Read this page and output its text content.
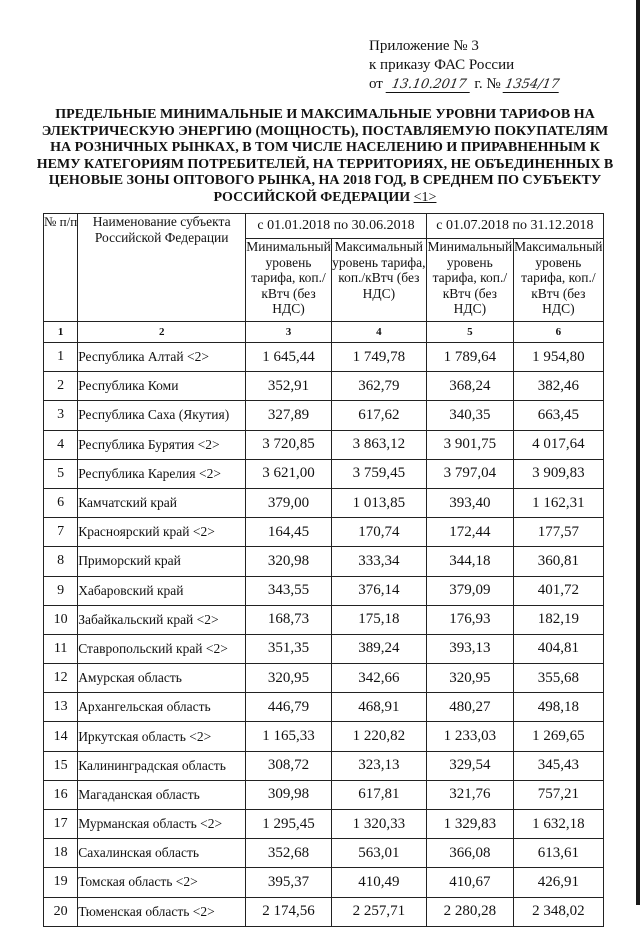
Приложение № 3
к приказу ФАС России
от 13.10.2017 г. № 1354/17
ПРЕДЕЛЬНЫЕ МИНИМАЛЬНЫЕ И МАКСИМАЛЬНЫЕ УРОВНИ ТАРИФОВ НА ЭЛЕКТРИЧЕСКУЮ ЭНЕРГИЮ (МОЩНОСТЬ), ПОСТАВЛЯЕМУЮ ПОКУПАТЕЛЯМ НА РОЗНИЧНЫХ РЫНКАХ, В ТОМ ЧИСЛЕ НАСЕЛЕНИЮ И ПРИРАВНЕННЫМ К НЕМУ КАТЕГОРИЯМ ПОТРЕБИТЕЛЕЙ, НА ТЕРРИТОРИЯХ, НЕ ОБЪЕДИНЕННЫХ В ЦЕНОВЫЕ ЗОНЫ ОПТОВОГО РЫНКА, НА 2018 ГОД, В СРЕДНЕМ ПО СУБЪЕКТУ РОССИЙСКОЙ ФЕДЕРАЦИИ <1>
№ п/п	Наименование субъекта Российской Федерации	с 01.01.2018 по 30.06.2018		с 01.07.2018 по 31.12.2018	
		Минимальный уровень тарифа, коп./кВтч (без НДС)	Максимальный уровень тарифа, коп./кВтч (без НДС)	Минимальный уровень тарифа, коп./кВтч (без НДС)	Максимальный уровень тарифа, коп./кВтч (без НДС)
1	2	3	4	5	6
1	Республика Алтай <2>	1 645,44	1 749,78	1 789,64	1 954,80
2	Республика Коми	352,91	362,79	368,24	382,46
3	Республика Саха (Якутия)	327,89	617,62	340,35	663,45
4	Республика Бурятия <2>	3 720,85	3 863,12	3 901,75	4 017,64
5	Республика Карелия <2>	3 621,00	3 759,45	3 797,04	3 909,83
6	Камчатский край	379,00	1 013,85	393,40	1 162,31
7	Красноярский край <2>	164,45	170,74	172,44	177,57
8	Приморский край	320,98	333,34	344,18	360,81
9	Хабаровский край	343,55	376,14	379,09	401,72
10	Забайкальский край <2>	168,73	175,18	176,93	182,19
11	Ставропольский край <2>	351,35	389,24	393,13	404,81
12	Амурская область	320,95	342,66	320,95	355,68
13	Архангельская область	446,79	468,91	480,27	498,18
14	Иркутская область <2>	1 165,33	1 220,82	1 233,03	1 269,65
15	Калининградская область	308,72	323,13	329,54	345,43
16	Магаданская область	309,98	617,81	321,76	757,21
17	Мурманская область <2>	1 295,45	1 320,33	1 329,83	1 632,18
18	Сахалинская область	352,68	563,01	366,08	613,61
19	Томская область <2>	395,37	410,49	410,67	426,91
20	Тюменская область <2>	2 174,56	2 257,71	2 280,28	2 348,02
